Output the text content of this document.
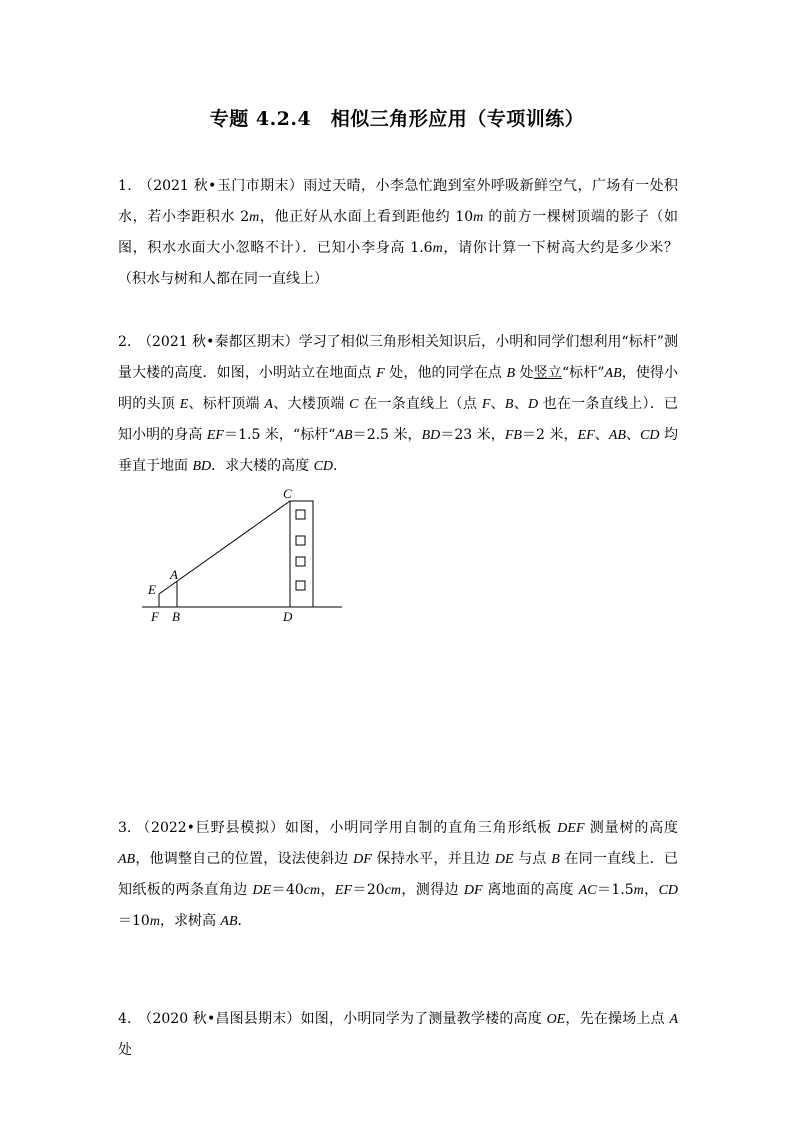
专题 4.2.4　相似三角形应用（专项训练）
1． （2021 秋•玉门市期末）雨过天晴，小李急忙跑到室外呼吸新鲜空气，广场有一处积水，若小李距积水 2m，他正好从水面上看到距他约 10m 的前方一棵树顶端的影子（如图，积水水面大小忽略不计）．已知小李身高 1.6m，请你计算一下树高大约是多少米？（积水与树和人都在同一直线上）
2． （2021 秋•秦都区期末）学习了相似三角形相关知识后，小明和同学们想利用“标杆”测量大楼的高度．如图，小明站立在地面点 F 处，他的同学在点 B 处竖立“标杆”AB，使得小明的头顶 E、标杆顶端 A、大楼顶端 C 在一条直线上（点 F、B、D 也在一条直线上）．已知小明的身高 EF＝1.5 米，“标杆“AB＝2.5 米，BD＝23 米，FB＝2 米，EF、AB、CD 均垂直于地面 BD．求大楼的高度 CD．
C
A
E
F B	D
3. （2022•巨野县模拟）如图，小明同学用自制的直角三角形纸板 DEF 测量树的高度 AB，他调整自己的位置，设法使斜边 DF 保持水平，并且边 DE 与点 B 在同一直线上．已知纸板的两条直角边 DE＝40cm，EF＝20cm，测得边 DF 离地面的高度 AC＝1.5m，CD＝10m，求树高 AB．
4． （2020 秋•昌图县期末）如图，小明同学为了测量教学楼的高度 OE，先在操场上点 A 处
